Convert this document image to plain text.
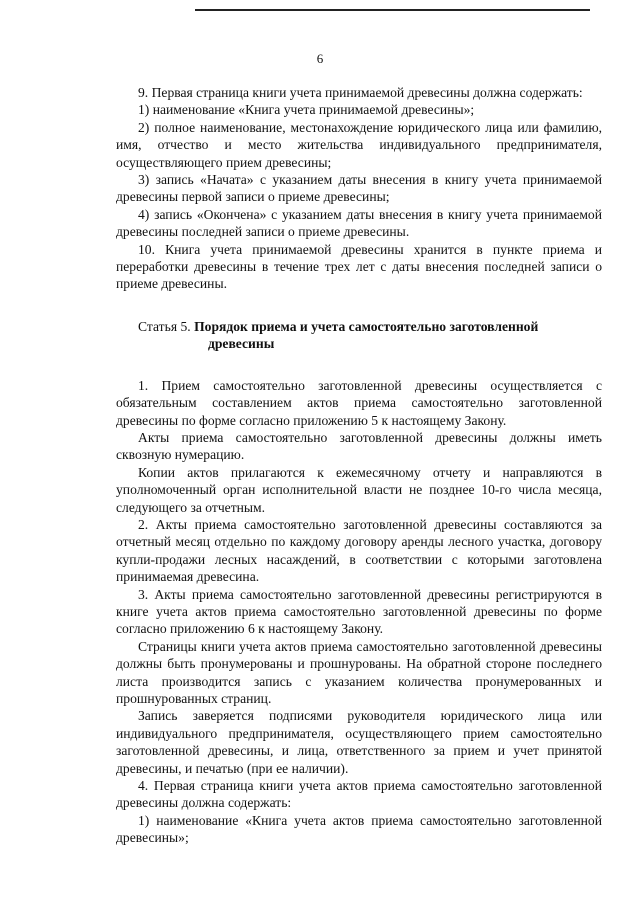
6

9. Первая страница книги учета принимаемой древесины должна содержать:

1) наименование «Книга учета принимаемой древесины»;

2) полное наименование, местонахождение юридического лица или фамилию, имя, отчество и место жительства индивидуального предпринимателя, осуществляющего прием древесины;

3) запись «Начата» с указанием даты внесения в книгу учета принимаемой древесины первой записи о приеме древесины;

4) запись «Окончена» с указанием даты внесения в книгу учета принимаемой древесины последней записи о приеме древесины.

10. Книга учета принимаемой древесины хранится в пункте приема и переработки древесины в течение трех лет с даты внесения последней записи о приеме древесины.

Статья 5. Порядок приема и учета самостоятельно заготовленной древесины

1. Прием самостоятельно заготовленной древесины осуществляется с обязательным составлением актов приема самостоятельно заготовленной древесины по форме согласно приложению 5 к настоящему Закону.

Акты приема самостоятельно заготовленной древесины должны иметь сквозную нумерацию.

Копии актов прилагаются к ежемесячному отчету и направляются в уполномоченный орган исполнительной власти не позднее 10-го числа месяца, следующего за отчетным.

2. Акты приема самостоятельно заготовленной древесины составляются за отчетный месяц отдельно по каждому договору аренды лесного участка, договору купли-продажи лесных насаждений, в соответствии с которыми заготовлена принимаемая древесина.

3. Акты приема самостоятельно заготовленной древесины регистрируются в книге учета актов приема самостоятельно заготовленной древесины по форме согласно приложению 6 к настоящему Закону.

Страницы книги учета актов приема самостоятельно заготовленной древесины должны быть пронумерованы и прошнурованы. На обратной стороне последнего листа производится запись с указанием количества пронумерованных и прошнурованных страниц.

Запись заверяется подписями руководителя юридического лица или индивидуального предпринимателя, осуществляющего прием самостоятельно заготовленной древесины, и лица, ответственного за прием и учет принятой древесины, и печатью (при ее наличии).

4. Первая страница книги учета актов приема самостоятельно заготовленной древесины должна содержать:

1) наименование «Книга учета актов приема самостоятельно заготовленной древесины»;
